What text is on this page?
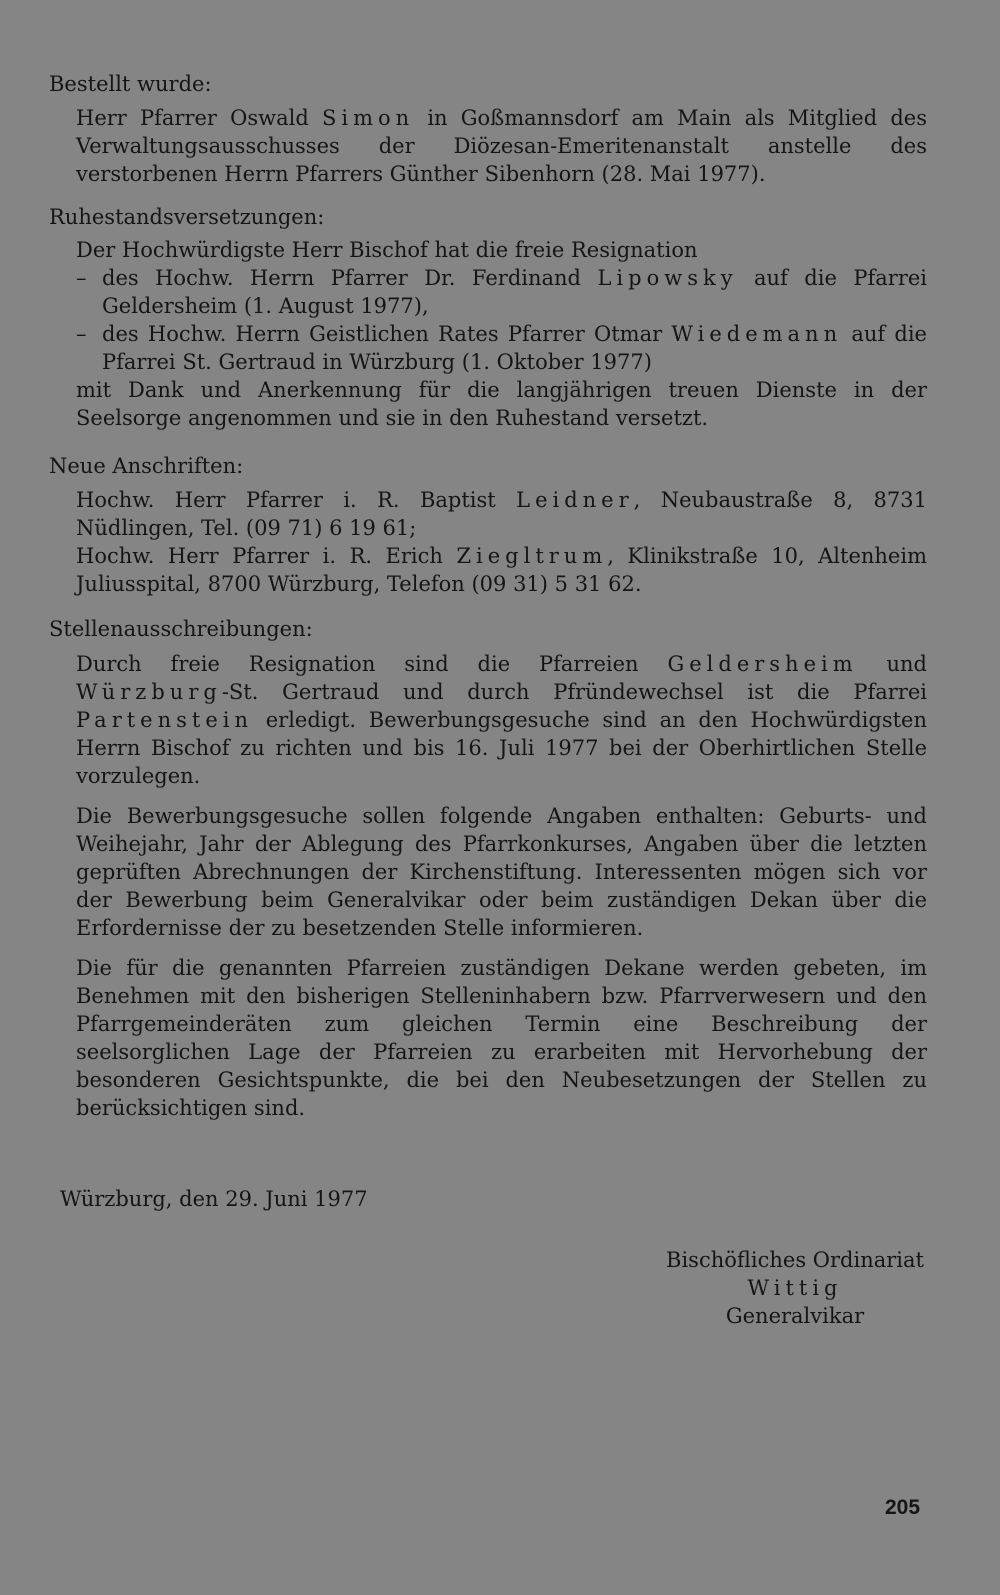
Bestellt wurde:

Herr Pfarrer Oswald Simon in Goßmannsdorf am Main als Mitglied des Verwaltungsausschusses der Diözesan-Emeritenanstalt anstelle des verstorbenen Herrn Pfarrers Günther Sibenhorn (28. Mai 1977).

Ruhestandsversetzungen:

Der Hochwürdigste Herr Bischof hat die freie Resignation

– des Hochw. Herrn Pfarrer Dr. Ferdinand Lipowsky auf die Pfarrei Geldersheim (1. August 1977),

– des Hochw. Herrn Geistlichen Rates Pfarrer Otmar Wiedemann auf die Pfarrei St. Gertraud in Würzburg (1. Oktober 1977)

mit Dank und Anerkennung für die langjährigen treuen Dienste in der Seelsorge angenommen und sie in den Ruhestand versetzt.

Neue Anschriften:

Hochw. Herr Pfarrer i. R. Baptist Leidner, Neubaustraße 8, 8731 Nüdlingen, Tel. (09 71) 6 19 61;

Hochw. Herr Pfarrer i. R. Erich Ziegltrum, Klinikstraße 10, Altenheim Juliusspital, 8700 Würzburg, Telefon (09 31) 5 31 62.

Stellenausschreibungen:

Durch freie Resignation sind die Pfarreien Geldersheim und Würzburg-St. Gertraud und durch Pfründewechsel ist die Pfarrei Partenstein erledigt. Bewerbungsgesuche sind an den Hochwürdigsten Herrn Bischof zu richten und bis 16. Juli 1977 bei der Oberhirtlichen Stelle vorzulegen.

Die Bewerbungsgesuche sollen folgende Angaben enthalten: Geburts- und Weihejahr, Jahr der Ablegung des Pfarrkonkurses, Angaben über die letzten geprüften Abrechnungen der Kirchenstiftung. Interessenten mögen sich vor der Bewerbung beim Generalvikar oder beim zuständigen Dekan über die Erfordernisse der zu besetzenden Stelle informieren.

Die für die genannten Pfarreien zuständigen Dekane werden gebeten, im Benehmen mit den bisherigen Stelleninhabern bzw. Pfarrverwesern und den Pfarrgemeinderäten zum gleichen Termin eine Beschreibung der seelsorglichen Lage der Pfarreien zu erarbeiten mit Hervorhebung der besonderen Gesichtspunkte, die bei den Neubesetzungen der Stellen zu berücksichtigen sind.

Würzburg, den 29. Juni 1977
Bischöfliches Ordinariat
Wittig
Generalvikar
205
